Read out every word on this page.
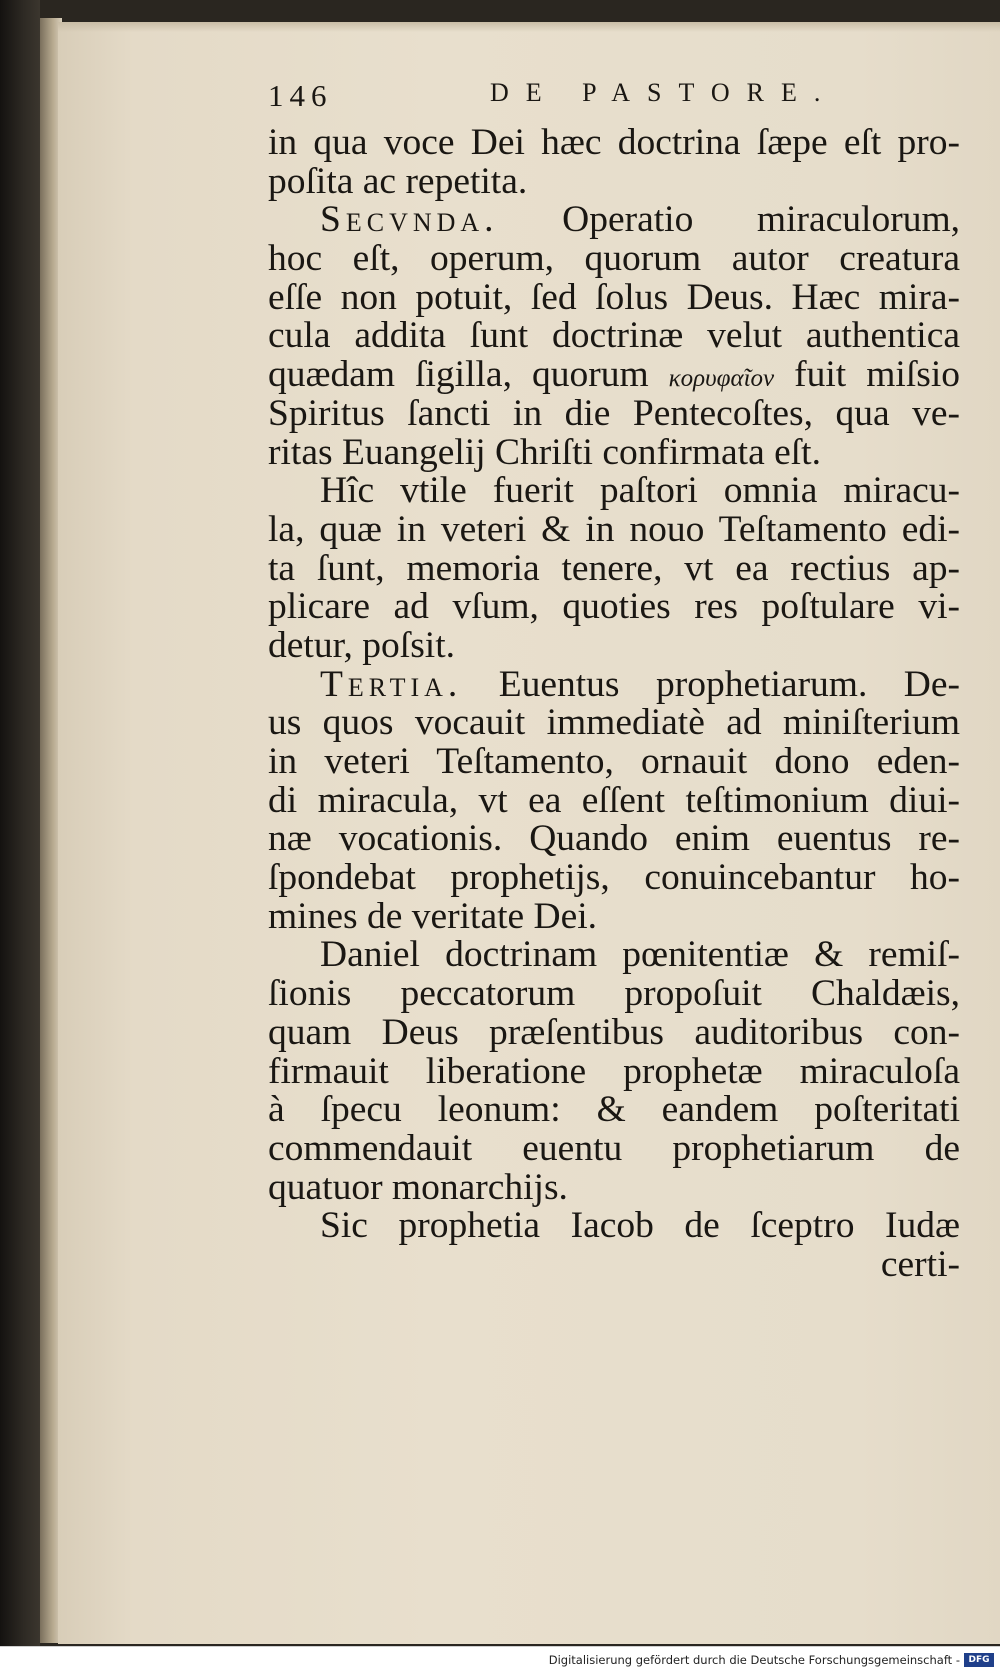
146	DE PASTORE.
in qua voce Dei hæc doctrina ſæpe eſt pro-
poſita ac repetita.
Secvnda. Operatio miraculorum,
hoc eſt, operum, quorum autor creatura
eſſe non potuit, ſed ſolus Deus. Hæc mira-
cula addita ſunt doctrinæ velut authentica
quædam ſigilla, quorum κορυφαῖον fuit miſsio
Spiritus ſancti in die Pentecoſtes, qua ve-
ritas Euangelij Chriſti confirmata eſt.
Hîc vtile fuerit paſtori omnia miracu-
la, quæ in veteri & in nouo Teſtamento edi-
ta ſunt, memoria tenere, vt ea rectius ap-
plicare ad vſum, quoties res poſtulare vi-
detur, poſsit.
Tertia. Euentus prophetiarum. De-
us quos vocauit immediatè ad miniſterium
in veteri Teſtamento, ornauit dono eden-
di miracula, vt ea eſſent teſtimonium diui-
næ vocationis. Quando enim euentus re-
ſpondebat prophetijs, conuincebantur ho-
mines de veritate Dei.
Daniel doctrinam pœnitentiæ & remiſ-
ſionis peccatorum propoſuit Chaldæis,
quam Deus præſentibus auditoribus con-
firmauit liberatione prophetæ miraculoſa
à ſpecu leonum: & eandem poſteritati
commendauit euentu prophetiarum de
quatuor monarchijs.
Sic prophetia Iacob de ſceptro Iudæ
certi-
Digitalisierung gefördert durch die Deutsche Forschungsgemeinschaft - DFG
